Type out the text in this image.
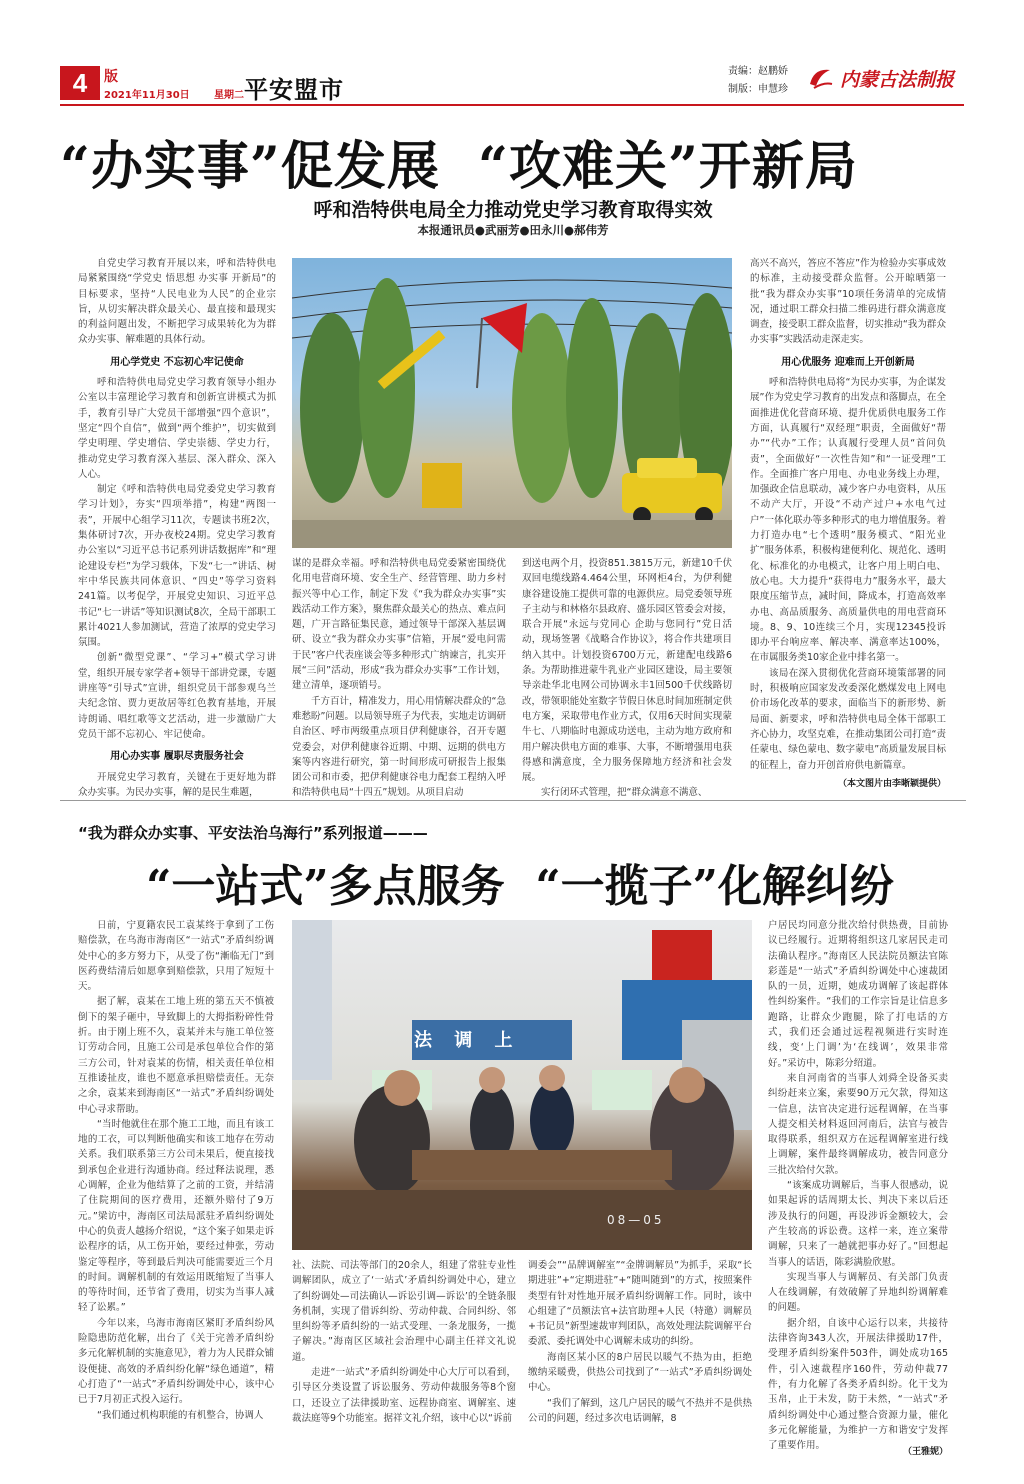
4	版
2021年11月30日	星期二 平安盟市
责编：赵鹏娇
制版：申慧珍	内蒙古法制报
“办实事”促发展  “攻难关”开新局
呼和浩特供电局全力推动党史学习教育取得实效
本报通讯员●武丽芳●田永川●郝伟芳

自党史学习教育开展以来，呼和浩特供电局紧紧围绕“学党史 悟思想 办实事 开新局”的目标要求，坚持“人民电业为人民”的企业宗旨，从切实解决群众最关心、最直接和最现实的利益问题出发，不断把学习成果转化为为群众办实事、解难题的具体行动。

用心学党史 不忘初心牢记使命

呼和浩特供电局党史学习教育领导小组办公室以丰富理论学习教育和创新宣讲模式为抓手，教育引导广大党员干部增强“四个意识”，坚定“四个自信”，做到“两个维护”，切实做到学史明理、学史增信、学史崇德、学史力行，推动党史学习教育深入基层、深入群众、深入人心。

制定《呼和浩特供电局党委党史学习教育学习计划》，夯实“四项举措”，构建“两图一表”，开展中心组学习11次，专题读书班2次，集体研讨7次，开办夜校24期。党史学习教育办公室以“习近平总书记系列讲话数据库”和“理论建设专栏”为学习载体，下发“七一”讲话、树牢中华民族共同体意识、“四史”等学习资料241篇。以考促学，开展党史知识、习近平总书记“七一讲话”等知识测试8次，全局干部职工累计4021人参加测试，营造了浓厚的党史学习氛围。

创新“微型党课”、“学习+”模式学习讲堂，组织开展专家学者+领导干部讲党课，专题讲座等“引导式”宣讲，组织党员干部参观乌兰夫纪念馆、贾力更故居等红色教育基地，开展诗朗诵、唱红歌等文艺活动，进一步激励广大党员干部不忘初心、牢记使命。

用心办实事 履职尽责服务社会

开展党史学习教育，关键在于更好地为群众办实事。为民办实事，解的是民生难题，

谋的是群众幸福。呼和浩特供电局党委紧密围绕优化用电营商环境、安全生产、经营管理、助力乡村振兴等中心工作，制定下发《“我为群众办实事”实践活动工作方案》，聚焦群众最关心的热点、难点问题，广开言路征集民意，通过领导干部深入基层调研、设立“我为群众办实事”信箱，开展“爱电问需于民”客户代表座谈会等多种形式广纳谏言，扎实开展“三问”活动，形成“我为群众办实事”工作计划，建立清单，逐项销号。

千方百计，精准发力，用心用情解决群众的“急难愁盼”问题。以局领导班子为代表，实地走访调研自治区、呼市两级重点项目伊利健康谷，召开专题党委会，对伊利健康谷近期、中期、远期的供电方案等内容进行研究，第一时间形成可研报告上报集团公司和市委，把伊利健康谷电力配套工程纳入呼和浩特供电局“十四五”规划。从项目启动

到送电两个月，投资851.3815万元，新建10千伏双回电缆线路4.464公里，环网柜4台，为伊利健康谷建设施工提供可靠的电源供应。局党委领导班子主动与和林格尔县政府、盛乐园区管委会对接，联合开展“永远与党同心 企助与您同行”党日活动，现场签署《战略合作协议》，将合作共建项目纳入其中。计划投资6700万元，新建配电线路6条。为帮助推进蒙牛乳业产业园区建设，局主要领导亲赴华北电网公司协调永丰1回500千伏线路切改，带领职能处室数字节假日休息时间加班制定供电方案，采取带电作业方式，仅用6天时间实现蒙牛七、八期临时电源成功送电，主动为地方政府和用户解决供电方面的难事、大事，不断增强用电获得感和满意度，全力服务保障地方经济和社会发展。

实行闭环式管理，把“群众满意不满意、

高兴不高兴，答应不答应”作为检验办实事成效的标准，主动接受群众监督。公开晾晒第一批“我为群众办实事”10项任务清单的完成情况，通过职工群众扫描二维码进行群众满意度调查，接受职工群众监督，切实推动“我为群众办实事”实践活动走深走实。

用心优服务 迎难而上开创新局

呼和浩特供电局将“为民办实事，为企谋发展”作为党史学习教育的出发点和落脚点，在全面推进优化营商环境、提升优质供电服务工作方面，认真履行“双经理”职责，全面做好“帮办”“代办”工作；认真履行受理人员“首问负责”，全面做好“一次性告知”和“一证受理”工作。全面推广客户用电、办电业务线上办理，加强政企信息联动，减少客户办电资料，从压不动产大厅，开设“不动产过户+水电气过户”一体化联办等多种形式的电力增值服务。着力打造办电“七个透明”服务模式、“阳光业扩”服务体系，积极构建便利化、规范化、透明化、标准化的办电模式，让客户用上明白电、放心电。大力提升“获得电力”服务水平，最大限度压缩节点，减时间，降成本，打造高效率办电、高品质服务、高质量供电的用电营商环境。8、9、10连续三个月，实现12345投诉即办平台响应率、解决率、满意率达100%，在市属服务类10家企业中排名第一。

该局在深入贯彻优化营商环境策部署的同时，积极响应国家发改委深化燃煤发电上网电价市场化改革的要求，面临当下的新形势、新局面、新要求，呼和浩特供电局全体干部职工齐心协力，攻坚克难，在推动集团公司打造“责任蒙电、绿色蒙电、数字蒙电”高质量发展目标的征程上，奋力开创首府供电新篇章。

（本文图片由李晰颖提供）
“我为群众办实事、平安法治乌海行”系列报道———
“一站式”多点服务  “一揽子”化解纠纷

日前，宁夏籍农民工袁某终于拿到了工伤赔偿款，在乌海市海南区“一站式”矛盾纠纷调处中心的多方努力下，从受了伤“漸临无门”到医药费结清后如愿拿到赔偿款，只用了短短十天。

据了解，袁某在工地上班的第五天不慎被倒下的架子砸中，导致脚上的大拇指粉碎性骨折。由于刚上班不久，袁某并未与施工单位签订劳动合同，且施工公司是承包单位合作的第三方公司，针对袁某的伤情，相关责任单位相互推诿扯皮，谁也不愿意承担赔偿责任。无奈之余，袁某来到海南区“一站式”矛盾纠纷调处中心寻求帮助。

“当时他就住在那个施工工地，而且有该工地的工衣，可以判断他确实和该工地存在劳动关系。我们联系第三方公司未果后，便直接找到承包企业进行沟通协商。经过释法说理，悉心调解，企业为他结算了之前的工资，并结清了住院期间的医疗费用，还额外赔付了9万元。”梁访中，海南区司法局派驻矛盾纠纷调处中心的负责人越扬介绍说，“这个案子如果走诉讼程序的话，从工伤开始，要经过伸张，劳动鉴定等程序，等到最后判决可能需要近三个月的时间。调解机制的有效运用既缩短了当事人的等待时间，还节省了费用，切实为当事人减轻了讼累。”

今年以来，乌海市海南区紧盯矛盾纠纷风险隐患防范化解，出台了《关于完善矛盾纠纷多元化解机制的实施意见》，着力为人民群众铺设便捷、高效的矛盾纠纷化解“绿色通道”，精心打造了“一站式”矛盾纠纷调处中心，该中心已于7月初正式投入运行。

“我们通过机构职能的有机整合，协调人

法 调 上
08—05

社、法院、司法等部门的20余人，组建了常驻专业性调解团队，成立了‘一站式’矛盾纠纷调处中心，建立了纠纷调处—司法确认—诉讼引调—诉讼’的全链条服务机制，实现了借诉纠纷、劳动仲裁、合同纠纷、邻里纠纷等矛盾纠纷的一站式受理、一条龙服务，一揽子解决。”海南区区域社会治理中心副主任祥文礼说道。

走进“一站式”矛盾纠纷调处中心大厅可以看到，引导区分类设置了诉讼服务、劳动仲裁服务等8个窗口，还设立了法律援助室、远程协商室、调解室、速裁法庭等9个功能室。据祥文礼介绍，该中心以“诉前

调委会”“品牌调解室”“金牌调解员”为抓手，采取“长期进驻”+“定期进驻”+“随叫随到”的方式，按照案件类型有针对性地开展矛盾纠纷调解工作。同时，该中心组建了“员额法官+法官助理+人民（特邀）调解员+书记员”新型速裁审判团队，高效处理法院调解平台委派、委托调处中心调解未成功的纠纷。

海南区某小区的8户居民以暖气不热为由，拒绝缴纳采暖费，供热公司找到了“一站式”矛盾纠纷调处中心。

“我们了解到，这几户居民的暖气不热并不是供热公司的问题，经过多次电话调解，8

户居民均同意分批次给付供热费，目前协议已经履行。近期将组织这几家居民走司法确认程序。”海南区人民法院员额法官陈彩莲是“一站式”矛盾纠纷调处中心速裁团队的一员，近期，她成功调解了该起群体性纠纷案件。“我们的工作宗旨是让信息多跑路，让群众少跑腿，除了打电话的方式，我们还会通过远程视频进行实时连线，变‘上门调’为‘在线调’，效果非常好。”采访中，陈彩分绍道。

来自河南省的当事人刘舜全设备买卖纠纷赶来立案，索要90万元欠款，得知这一信息，法官决定进行远程调解，在当事人提交相关材料返回河南后，法官与被告取得联系，组织双方在远程调解室进行线上调解，案件最终调解成功，被告同意分三批次给付欠款。

“该案成功调解后，当事人很感动，说如果起诉的话周期太长、判决下来以后还涉及执行的问题，再设涉诉金额较大，会产生较高的诉讼费。这样一来，连立案带调解，只来了一趟就把事办好了。”回想起当事人的话语，陈彩满脸欣慰。

实现当事人与调解员、有关部门负责人在线调解，有效破解了异地纠纷调解难的问题。

据介绍，自该中心运行以来，共接待法律咨询343人次，开展法律援助17件，受理矛盾纠纷案件503件，调处成功165件，引入速裁程序160件，劳动仲裁77件，有力化解了各类矛盾纠纷。化干戈为玉帛，止于未发，防于未然，“一站式”矛盾纠纷调处中心通过整合资源力量，催化多元化解能量，为维护一方和谐安宁发挥了重要作用。

（王雅妮）
